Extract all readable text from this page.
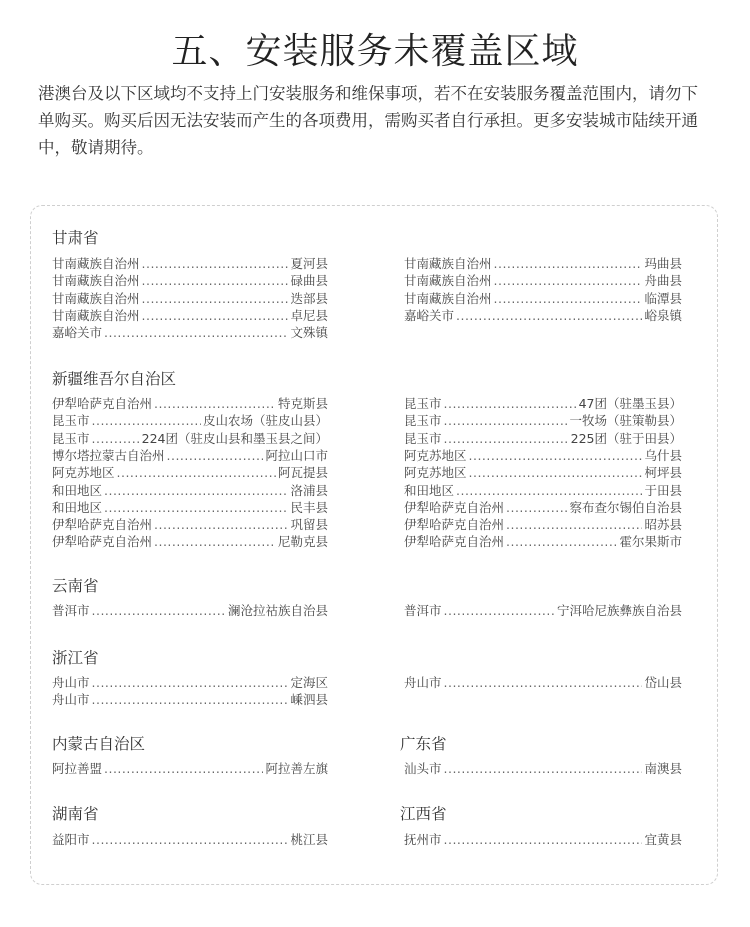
五、安装服务未覆盖区域
港澳台及以下区域均不支持上门安装服务和维保事项，若不在安装服务覆盖范围内，请勿下单购买。购买后因无法安装而产生的各项费用，需购买者自行承担。更多安装城市陆续开通中，敬请期待。
甘肃省
甘南藏族自治州 .....	夏河县
甘南藏族自治州 .....	碌曲县
甘南藏族自治州 .....	迭部县
甘南藏族自治州 .....	卓尼县
嘉峪关市 .....	文殊镇
甘南藏族自治州 .....	玛曲县
甘南藏族自治州 .....	舟曲县
甘南藏族自治州 .....	临潭县
嘉峪关市 .....	峪泉镇
新疆维吾尔自治区
伊犁哈萨克自治州 .....	特克斯县
昆玉市 .....	皮山农场（驻皮山县）
昆玉市 .....	224团（驻皮山县和墨玉县之间）
博尔塔拉蒙古自治州 .....	阿拉山口市
阿克苏地区 .....	阿瓦提县
和田地区 .....	洛浦县
和田地区 .....	民丰县
伊犁哈萨克自治州 .....	巩留县
伊犁哈萨克自治州 .....	尼勒克县
昆玉市 .....	47团（驻墨玉县）
昆玉市 .....	一牧场（驻策勒县）
昆玉市 .....	225团（驻于田县）
阿克苏地区 .....	乌什县
阿克苏地区 .....	柯坪县
和田地区 .....	于田县
伊犁哈萨克自治州 .....	察布查尔锡伯自治县
伊犁哈萨克自治州 .....	昭苏县
伊犁哈萨克自治州 .....	霍尔果斯市
云南省
普洱市 .....	澜沧拉祜族自治县	普洱市 .....	宁洱哈尼族彝族自治县
浙江省
舟山市 .....	定海区
舟山市 .....	嵊泗县
舟山市 .....	岱山县
内蒙古自治区
阿拉善盟 .....	阿拉善左旗
广东省
汕头市 .....	南澳县
湖南省
益阳市 .....	桃江县
江西省
抚州市 .....	宜黄县
